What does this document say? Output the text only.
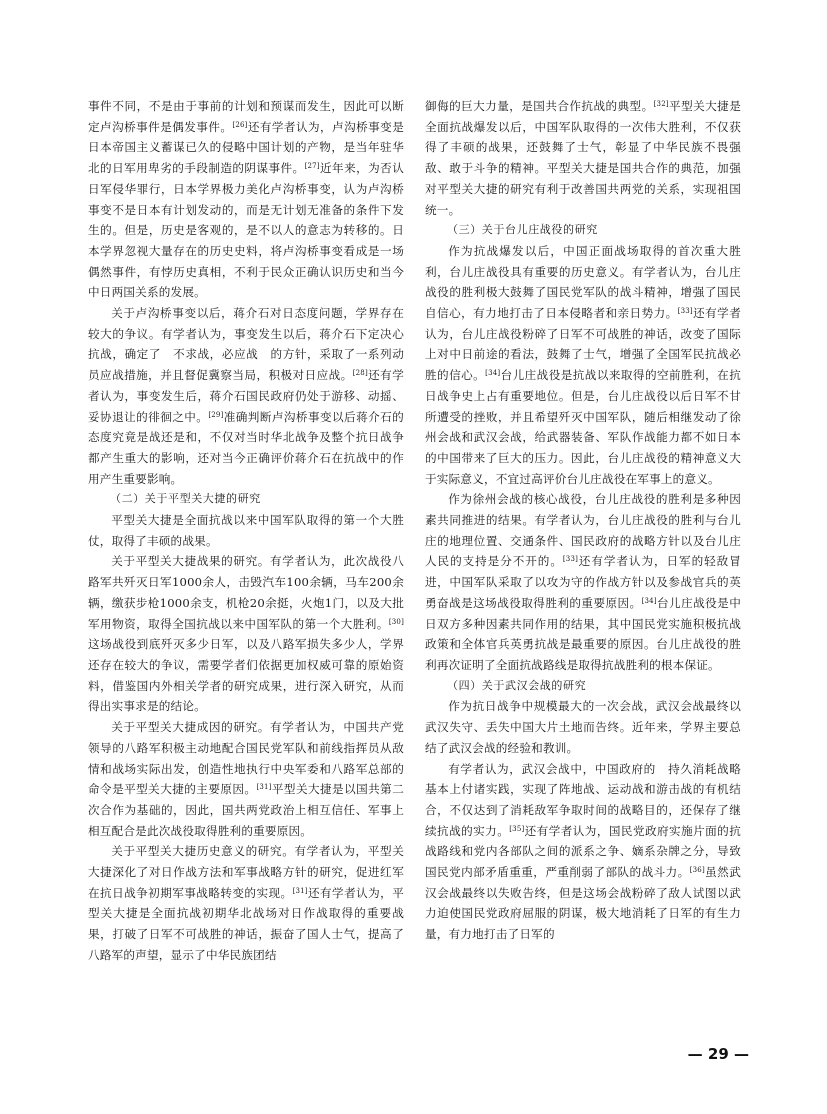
事件不同，不是由于事前的计划和预谋而发生，因此可以断定卢沟桥事件是偶发事件。[26]还有学者认为，卢沟桥事变是日本帝国主义蓄谋已久的侵略中国计划的产物，是当年驻华北的日军用卑劣的手段制造的阴谋事件。[27]近年来，为否认日军侵华罪行，日本学界极力美化卢沟桥事变，认为卢沟桥事变不是日本有计划发动的，而是无计划无准备的条件下发生的。但是，历史是客观的，是不以人的意志为转移的。日本学界忽视大量存在的历史史料，将卢沟桥事变看成是一场偶然事件，有悖历史真相，不利于民众正确认识历史和当今中日两国关系的发展。

关于卢沟桥事变以后，蒋介石对日态度问题，学界存在较大的争议。有学者认为，事变发生以后，蒋介石下定决心抗战，确定了　不求战，必应战　的方针，采取了一系列动员应战措施，并且督促冀察当局，积极对日应战。[28]还有学者认为，事变发生后，蒋介石国民政府仍处于游移、动摇、妥协退让的徘徊之中。[29]准确判断卢沟桥事变以后蒋介石的态度究竟是战还是和，不仅对当时华北战争及整个抗日战争都产生重大的影响，还对当今正确评价蒋介石在抗战中的作用产生重要影响。

（二）关于平型关大捷的研究

平型关大捷是全面抗战以来中国军队取得的第一个大胜仗，取得了丰硕的战果。

关于平型关大捷战果的研究。有学者认为，此次战役八路军共歼灭日军1000余人，击毁汽车100余辆，马车200余辆，缴获步枪1000余支，机枪20余挺，火炮1门，以及大批军用物资，取得全国抗战以来中国军队的第一个大胜利。[30]这场战役到底歼灭多少日军，以及八路军损失多少人，学界还存在较大的争议，需要学者们依据更加权威可靠的原始资料，借鉴国内外相关学者的研究成果，进行深入研究，从而得出实事求是的结论。

关于平型关大捷成因的研究。有学者认为，中国共产党领导的八路军积极主动地配合国民党军队和前线指挥员从敌情和战场实际出发，创造性地执行中央军委和八路军总部的命令是平型关大捷的主要原因。[31]平型关大捷是以国共第二次合作为基础的，因此，国共两党政治上相互信任、军事上相互配合是此次战役取得胜利的重要原因。

关于平型关大捷历史意义的研究。有学者认为，平型关大捷深化了对日作战方法和军事战略方针的研究，促进红军在抗日战争初期军事战略转变的实现。[31]还有学者认为，平型关大捷是全面抗战初期华北战场对日作战取得的重要战果，打破了日军不可战胜的神话，振奋了国人士气，提高了八路军的声望，显示了中华民族团结

御侮的巨大力量，是国共合作抗战的典型。[32]平型关大捷是全面抗战爆发以后，中国军队取得的一次伟大胜利，不仅获得了丰硕的战果，还鼓舞了士气，彰显了中华民族不畏强敌、敢于斗争的精神。平型关大捷是国共合作的典范，加强对平型关大捷的研究有利于改善国共两党的关系，实现祖国统一。

（三）关于台儿庄战役的研究

作为抗战爆发以后，中国正面战场取得的首次重大胜利，台儿庄战役具有重要的历史意义。有学者认为，台儿庄战役的胜利极大鼓舞了国民党军队的战斗精神，增强了国民自信心，有力地打击了日本侵略者和亲日势力。[33]还有学者认为，台儿庄战役粉碎了日军不可战胜的神话，改变了国际上对中日前途的看法，鼓舞了士气，增强了全国军民抗战必胜的信心。[34]台儿庄战役是抗战以来取得的空前胜利，在抗日战争史上占有重要地位。但是，台儿庄战役以后日军不甘所遭受的挫败，并且希望歼灭中国军队，随后相继发动了徐州会战和武汉会战，给武器装备、军队作战能力都不如日本的中国带来了巨大的压力。因此，台儿庄战役的精神意义大于实际意义，不宜过高评价台儿庄战役在军事上的意义。

作为徐州会战的核心战役，台儿庄战役的胜利是多种因素共同推进的结果。有学者认为，台儿庄战役的胜利与台儿庄的地理位置、交通条件、国民政府的战略方针以及台儿庄人民的支持是分不开的。[33]还有学者认为，日军的轻敌冒进，中国军队采取了以攻为守的作战方针以及参战官兵的英勇奋战是这场战役取得胜利的重要原因。[34]台儿庄战役是中日双方多种因素共同作用的结果，其中国民党实施积极抗战政策和全体官兵英勇抗战是最重要的原因。台儿庄战役的胜利再次证明了全面抗战路线是取得抗战胜利的根本保证。

（四）关于武汉会战的研究

作为抗日战争中规模最大的一次会战，武汉会战最终以武汉失守、丢失中国大片土地而告终。近年来，学界主要总结了武汉会战的经验和教训。

有学者认为，武汉会战中，中国政府的　持久消耗战略　基本上付诸实践，实现了阵地战、运动战和游击战的有机结合，不仅达到了消耗敌军争取时间的战略目的，还保存了继续抗战的实力。[35]还有学者认为，国民党政府实施片面的抗战路线和党内各部队之间的派系之争、嫡系杂牌之分，导致国民党内部矛盾重重，严重削弱了部队的战斗力。[36]虽然武汉会战最终以失败告终，但是这场会战粉碎了敌人试图以武力迫使国民党政府屈服的阴谋，极大地消耗了日军的有生力量，有力地打击了日军的

— 29 —
